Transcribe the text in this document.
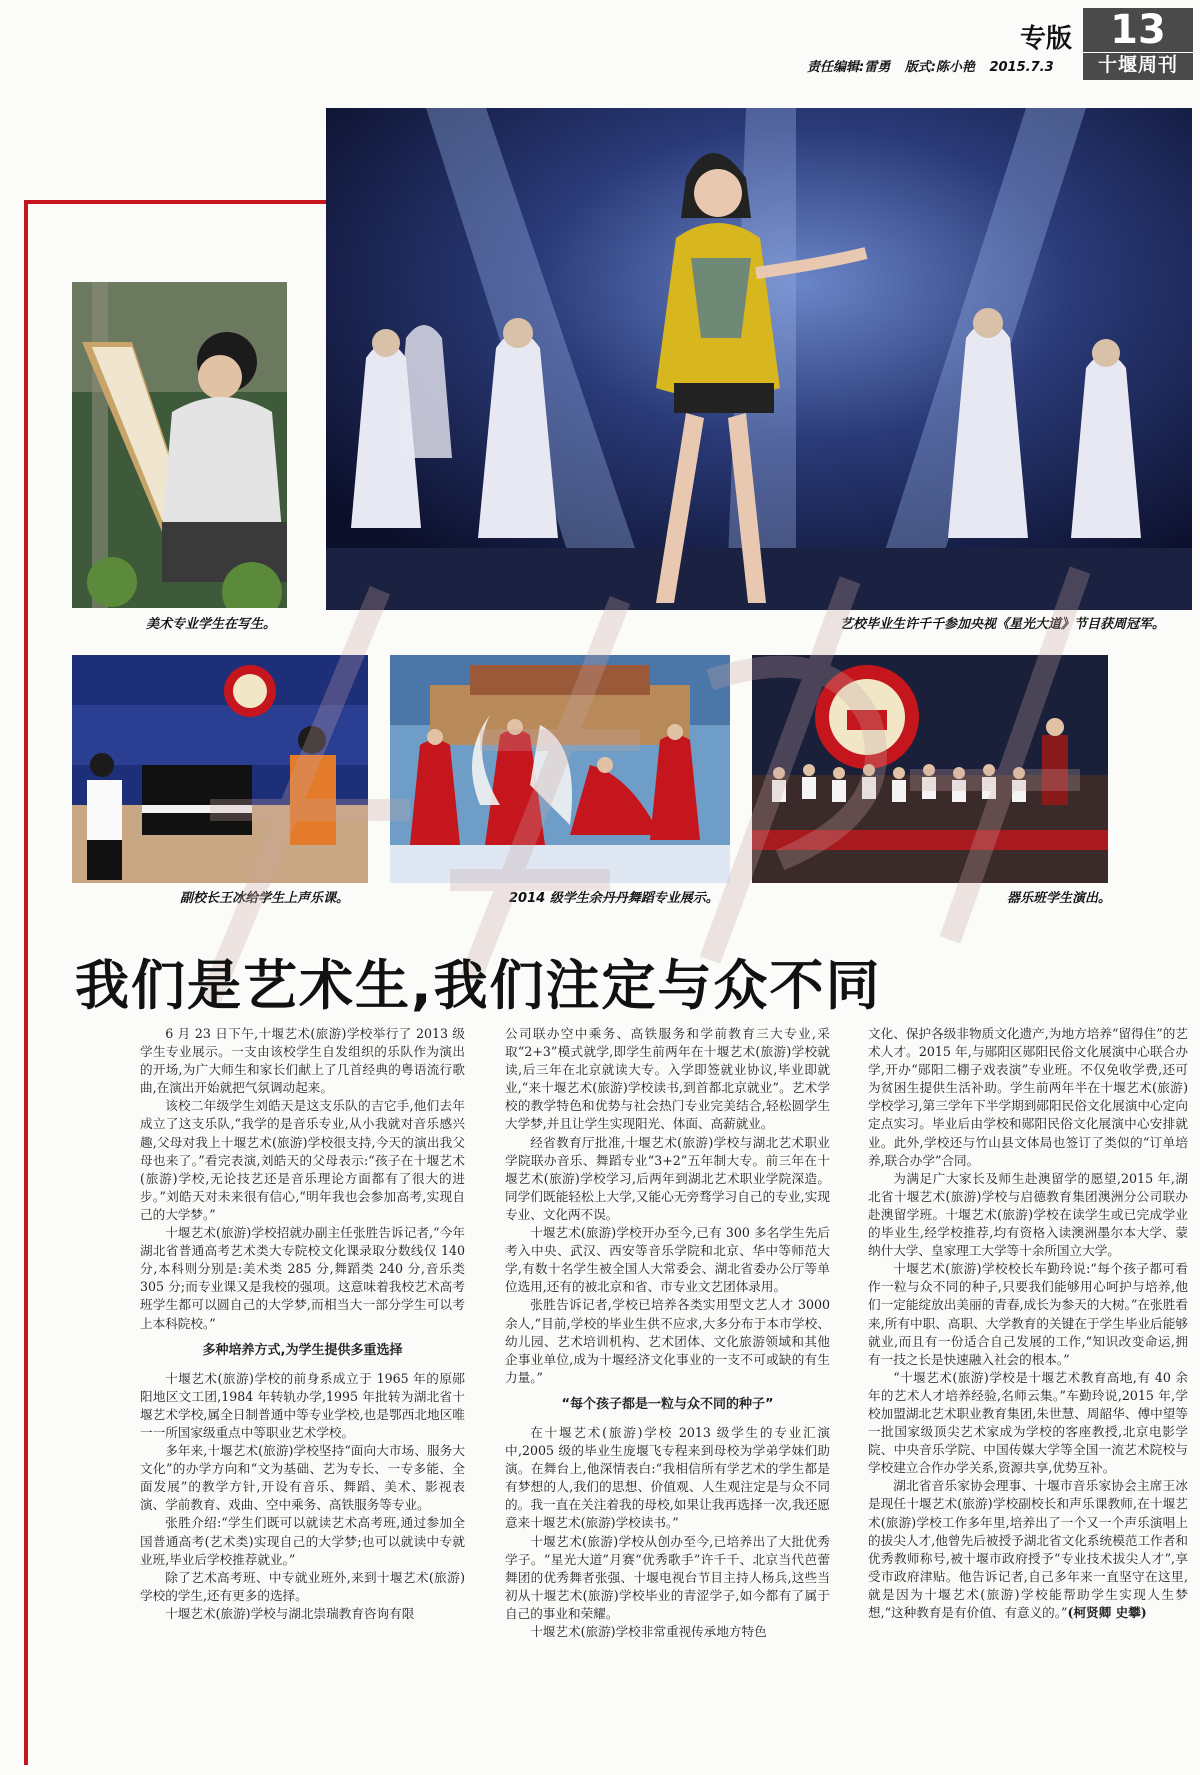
专版 13
十堰周刊
责任编辑:雷勇 版式:陈小艳 2015.7.3
艺校毕业生许千千参加央视《星光大道》节目获周冠军。
美术专业学生在写生。
副校长王冰给学生上声乐课。	2014 级学生余丹丹舞蹈专业展示。	器乐班学生演出。
我们是艺术生,我们注定与众不同

6 月 23 日下午,十堰艺术(旅游)学校举行了 2013 级学生专业展示。一支由该校学生自发组织的乐队作为演出的开场,为广大师生和家长们献上了几首经典的粤语流行歌曲,在演出开始就把气氛调动起来。

该校二年级学生刘皓天是这支乐队的吉它手,他们去年成立了这支乐队,“我学的是音乐专业,从小我就对音乐感兴趣,父母对我上十堰艺术(旅游)学校很支持,今天的演出我父母也来了。”看完表演,刘皓天的父母表示:“孩子在十堰艺术(旅游)学校,无论技艺还是音乐理论方面都有了很大的进步。”刘皓天对未来很有信心,“明年我也会参加高考,实现自己的大学梦。”

十堰艺术(旅游)学校招就办副主任张胜告诉记者,“今年湖北省普通高考艺术类大专院校文化课录取分数线仅 140 分,本科则分别是:美术类 285 分,舞蹈类 240 分,音乐类 305 分;而专业课又是我校的强项。这意味着我校艺术高考班学生都可以圆自己的大学梦,而相当大一部分学生可以考上本科院校。”

多种培养方式,为学生提供多重选择

十堰艺术(旅游)学校的前身系成立于 1965 年的原郧阳地区文工团,1984 年转轨办学,1995 年批转为湖北省十堰艺术学校,属全日制普通中等专业学校,也是鄂西北地区唯一一所国家级重点中等职业艺术学校。

多年来,十堰艺术(旅游)学校坚持“面向大市场、服务大文化”的办学方向和“文为基础、艺为专长、一专多能、全面发展”的教学方针,开设有音乐、舞蹈、美术、影视表演、学前教育、戏曲、空中乘务、高铁服务等专业。

张胜介绍:“学生们既可以就读艺术高考班,通过参加全国普通高考(艺术类)实现自己的大学梦;也可以就读中专就业班,毕业后学校推荐就业。”

除了艺术高考班、中专就业班外,来到十堰艺术(旅游)学校的学生,还有更多的选择。

十堰艺术(旅游)学校与湖北崇瑞教育咨询有限

公司联办空中乘务、高铁服务和学前教育三大专业,采取“2+3”模式就学,即学生前两年在十堰艺术(旅游)学校就读,后三年在北京就读大专。入学即签就业协议,毕业即就业,“来十堰艺术(旅游)学校读书,到首都北京就业”。艺术学校的教学特色和优势与社会热门专业完美结合,轻松圆学生大学梦,并且让学生实现阳光、体面、高薪就业。

经省教育厅批准,十堰艺术(旅游)学校与湖北艺术职业学院联办音乐、舞蹈专业“3+2”五年制大专。前三年在十堰艺术(旅游)学校学习,后两年到湖北艺术职业学院深造。同学们既能轻松上大学,又能心无旁骛学习自己的专业,实现专业、文化两不误。

十堰艺术(旅游)学校开办至今,已有 300 多名学生先后考入中央、武汉、西安等音乐学院和北京、华中等师范大学,有数十名学生被全国人大常委会、湖北省委办公厅等单位选用,还有的被北京和省、市专业文艺团体录用。

张胜告诉记者,学校已培养各类实用型文艺人才 3000 余人,“目前,学校的毕业生供不应求,大多分布于本市学校、幼儿园、艺术培训机构、艺术团体、文化旅游领域和其他企事业单位,成为十堰经济文化事业的一支不可或缺的有生力量。”

“每个孩子都是一粒与众不同的种子”

在十堰艺术(旅游)学校 2013 级学生的专业汇演中,2005 级的毕业生庞堰飞专程来到母校为学弟学妹们助演。在舞台上,他深情表白:“我相信所有学艺术的学生都是有梦想的人,我们的思想、价值观、人生观注定是与众不同的。我一直在关注着我的母校,如果让我再选择一次,我还愿意来十堰艺术(旅游)学校读书。”

十堰艺术(旅游)学校从创办至今,已培养出了大批优秀学子。“星光大道”月赛“优秀歌手”许千千、北京当代芭蕾舞团的优秀舞者张强、十堰电视台节目主持人杨兵,这些当初从十堰艺术(旅游)学校毕业的青涩学子,如今都有了属于自己的事业和荣耀。

十堰艺术(旅游)学校非常重视传承地方特色

文化、保护各级非物质文化遗产,为地方培养“留得住”的艺术人才。2015 年,与郧阳区郧阳民俗文化展演中心联合办学,开办“郧阳二棚子戏表演”专业班。不仅免收学费,还可为贫困生提供生活补助。学生前两年半在十堰艺术(旅游)学校学习,第三学年下半学期到郧阳民俗文化展演中心定向定点实习。毕业后由学校和郧阳民俗文化展演中心安排就业。此外,学校还与竹山县文体局也签订了类似的“订单培养,联合办学”合同。

为满足广大家长及师生赴澳留学的愿望,2015 年,湖北省十堰艺术(旅游)学校与启德教育集团澳洲分公司联办赴澳留学班。十堰艺术(旅游)学校在读学生或已完成学业的毕业生,经学校推荐,均有资格入读澳洲墨尔本大学、蒙纳什大学、皇家理工大学等十余所国立大学。

十堰艺术(旅游)学校校长车勤玲说:“每个孩子都可看作一粒与众不同的种子,只要我们能够用心呵护与培养,他们一定能绽放出美丽的青春,成长为参天的大树。”在张胜看来,所有中职、高职、大学教育的关键在于学生毕业后能够就业,而且有一份适合自己发展的工作,“知识改变命运,拥有一技之长是快速融入社会的根本。”

“十堰艺术(旅游)学校是十堰艺术教育高地,有 40 余年的艺术人才培养经验,名师云集。”车勤玲说,2015 年,学校加盟湖北艺术职业教育集团,朱世慧、周韶华、傅中望等一批国家级顶尖艺术家成为学校的客座教授,北京电影学院、中央音乐学院、中国传媒大学等全国一流艺术院校与学校建立合作办学关系,资源共享,优势互补。

湖北省音乐家协会理事、十堰市音乐家协会主席王冰是现任十堰艺术(旅游)学校副校长和声乐课教师,在十堰艺术(旅游)学校工作多年里,培养出了一个又一个声乐演唱上的拔尖人才,他曾先后被授予湖北省文化系统模范工作者和优秀教师称号,被十堰市政府授予“专业技术拔尖人才”,享受市政府津贴。他告诉记者,自己多年来一直坚守在这里,就是因为十堰艺术(旅游)学校能帮助学生实现人生梦想,“这种教育是有价值、有意义的。”(柯贤卿 史攀)
